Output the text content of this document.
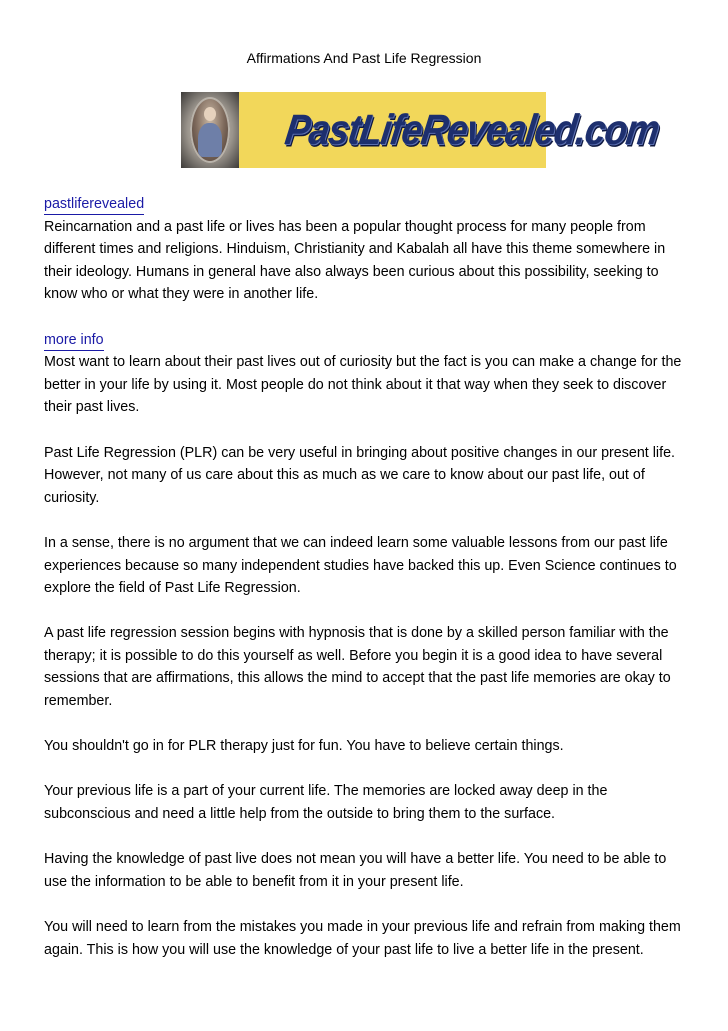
Affirmations And Past Life Regression
PastLifeRevealed.com

pastliferevealed
Reincarnation and a past life or lives has been a popular thought process for many people from different times and religions. Hinduism, Christianity and Kabalah all have this theme somewhere in their ideology. Humans in general have also always been curious about this possibility, seeking to know who or what they were in another life.

more info
Most want to learn about their past lives out of curiosity but the fact is you can make a change for the better in your life by using it. Most people do not think about it that way when they seek to discover their past lives.

Past Life Regression (PLR) can be very useful in bringing about positive changes in our present life. However, not many of us care about this as much as we care to know about our past life, out of curiosity.

In a sense, there is no argument that we can indeed learn some valuable lessons from our past life experiences because so many independent studies have backed this up. Even Science continues to explore the field of Past Life Regression.

A past life regression session begins with hypnosis that is done by a skilled person familiar with the therapy; it is possible to do this yourself as well. Before you begin it is a good idea to have several sessions that are affirmations, this allows the mind to accept that the past life memories are okay to remember.

You shouldn't go in for PLR therapy just for fun. You have to believe certain things.

Your previous life is a part of your current life. The memories are locked away deep in the subconscious and need a little help from the outside to bring them to the surface.

Having the knowledge of past live does not mean you will have a better life. You need to be able to use the information to be able to benefit from it in your present life.

You will need to learn from the mistakes you made in your previous life and refrain from making them again. This is how you will use the knowledge of your past life to live a better life in the present.
